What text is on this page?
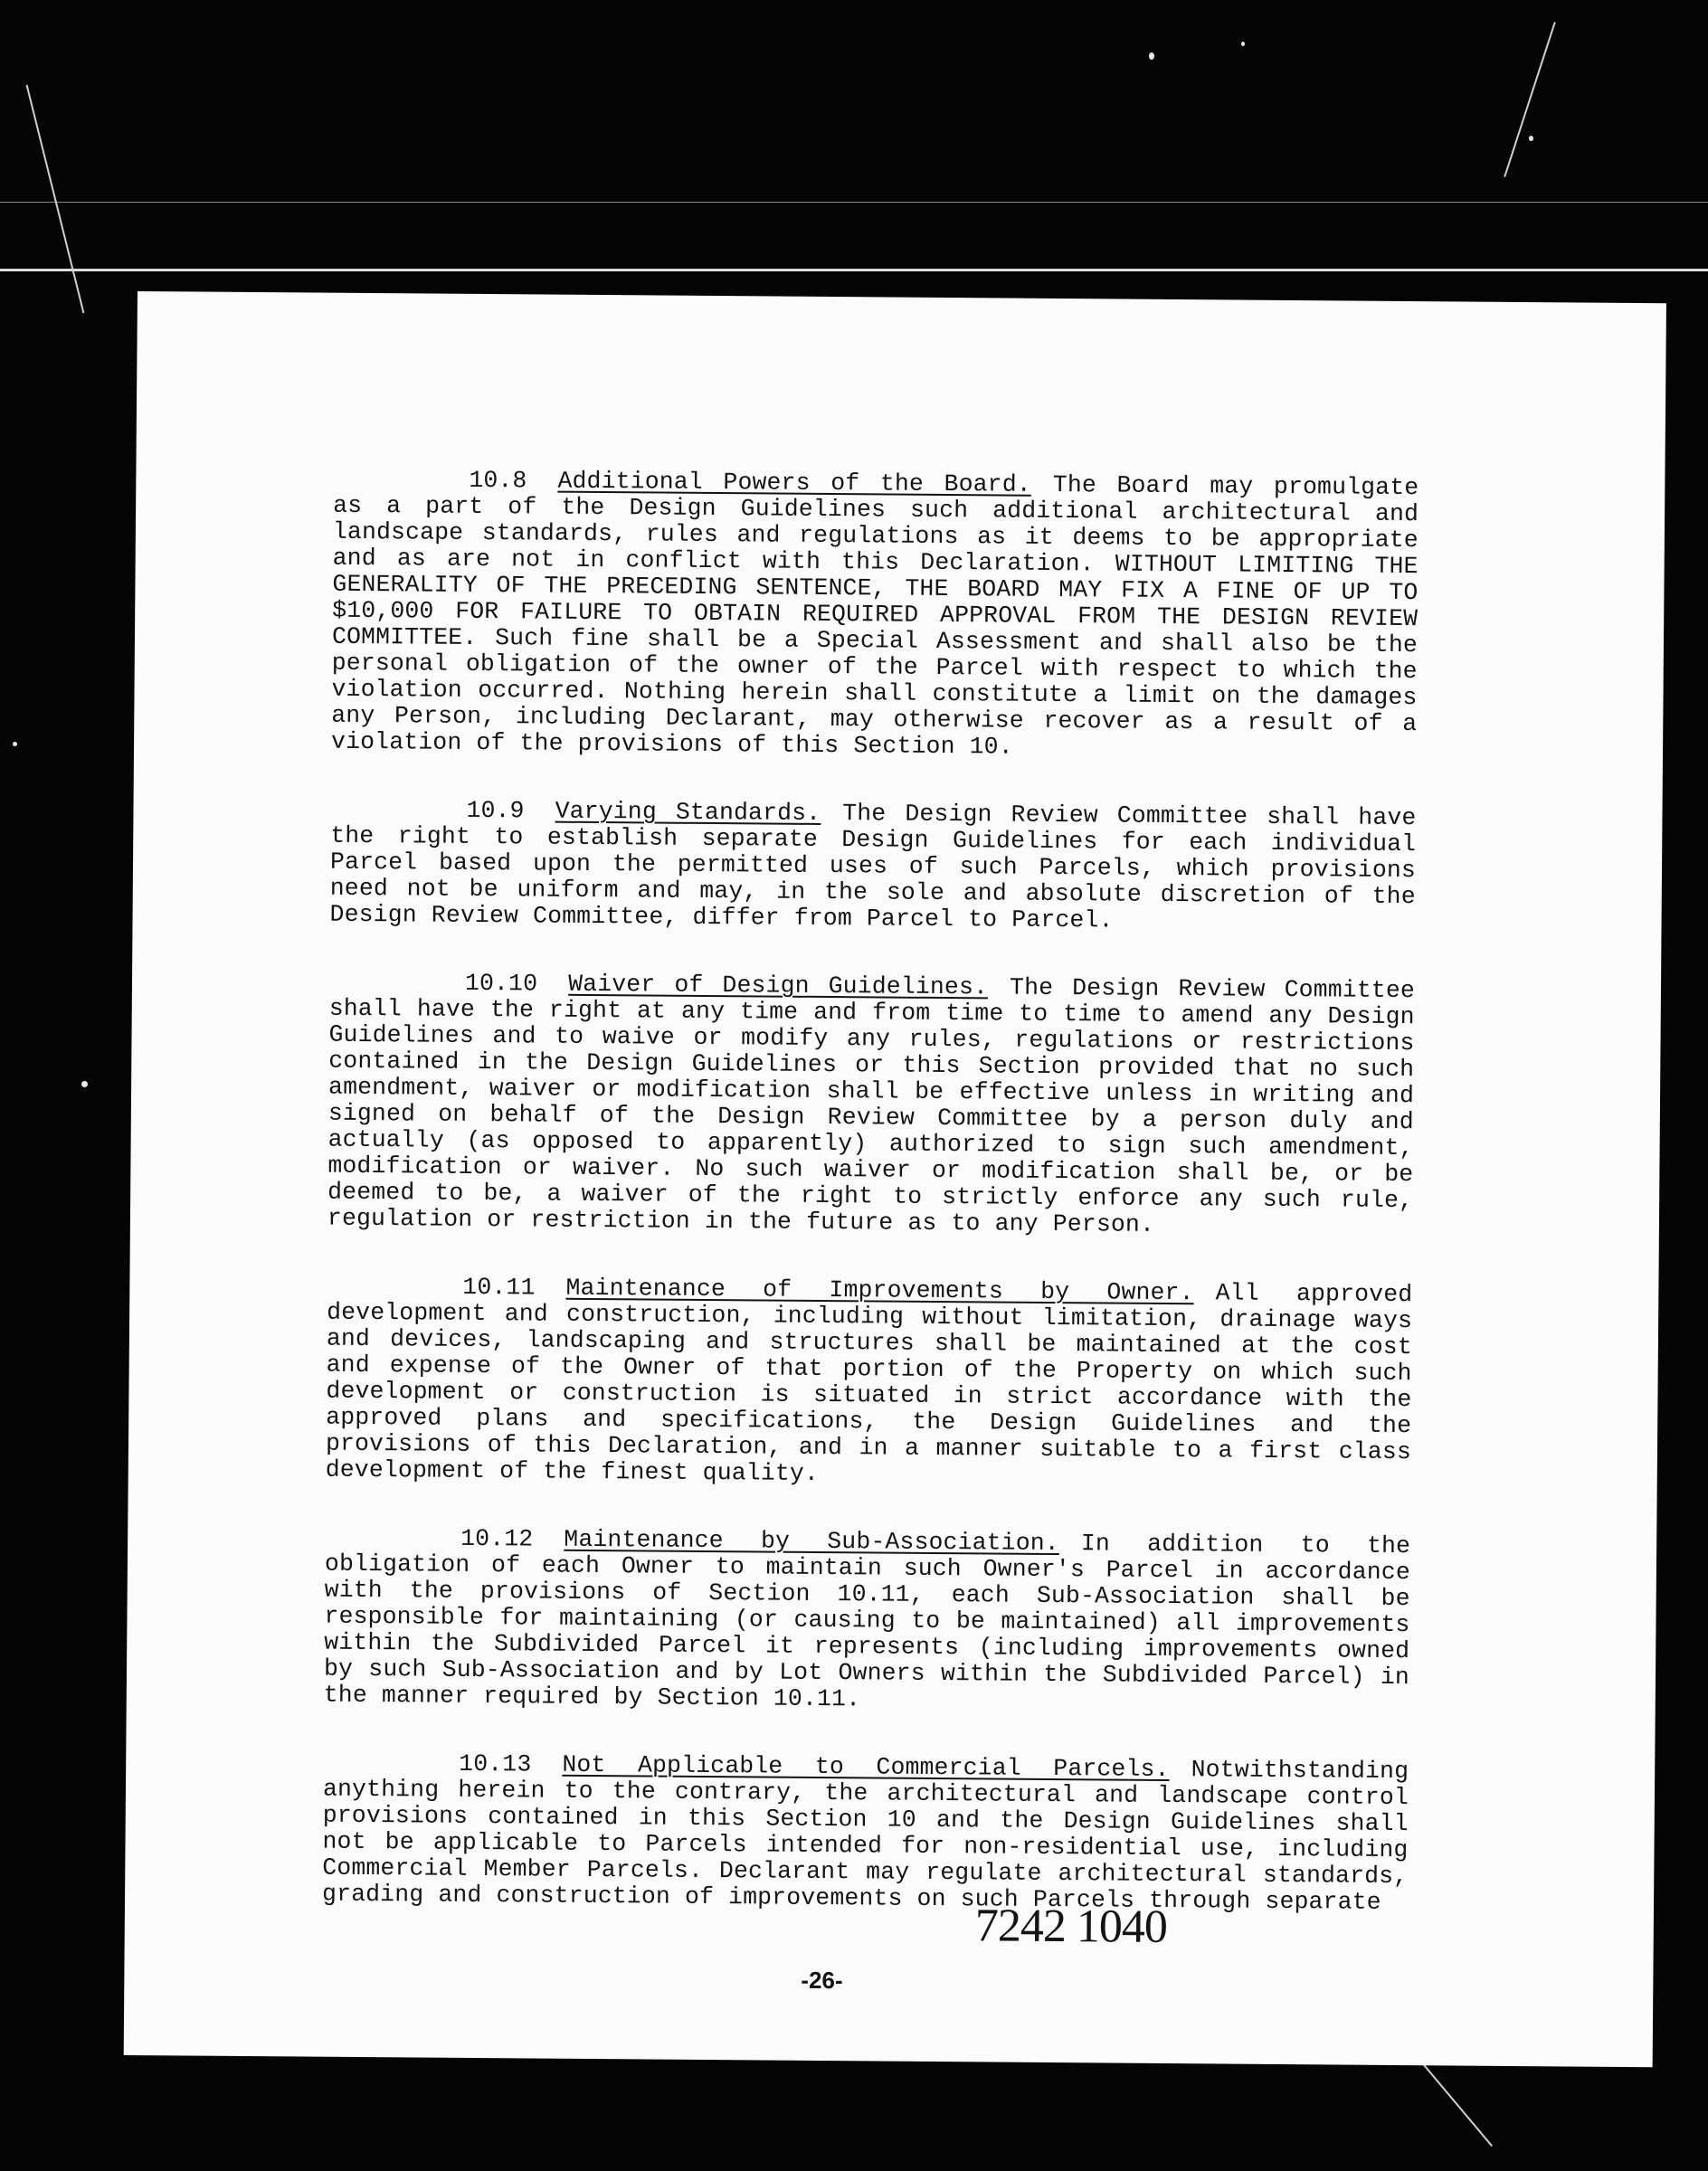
10.8 Additional Powers of the Board. The Board may promulgate as a part of the Design Guidelines such additional architectural and landscape standards, rules and regulations as it deems to be appropriate and as are not in conflict with this Declaration. WITHOUT LIMITING THE GENERALITY OF THE PRECEDING SENTENCE, THE BOARD MAY FIX A FINE OF UP TO $10,000 FOR FAILURE TO OBTAIN REQUIRED APPROVAL FROM THE DESIGN REVIEW COMMITTEE. Such fine shall be a Special Assessment and shall also be the personal obligation of the owner of the Parcel with respect to which the violation occurred. Nothing herein shall constitute a limit on the damages any Person, including Declarant, may otherwise recover as a result of a violation of the provisions of this Section 10.

10.9 Varying Standards. The Design Review Committee shall have the right to establish separate Design Guidelines for each individual Parcel based upon the permitted uses of such Parcels, which provisions need not be uniform and may, in the sole and absolute discretion of the Design Review Committee, differ from Parcel to Parcel.

10.10 Waiver of Design Guidelines. The Design Review Committee shall have the right at any time and from time to time to amend any Design Guidelines and to waive or modify any rules, regulations or restrictions contained in the Design Guidelines or this Section provided that no such amendment, waiver or modification shall be effective unless in writing and signed on behalf of the Design Review Committee by a person duly and actually (as opposed to apparently) authorized to sign such amendment, modification or waiver. No such waiver or modification shall be, or be deemed to be, a waiver of the right to strictly enforce any such rule, regulation or restriction in the future as to any Person.

10.11 Maintenance of Improvements by Owner. All approved development and construction, including without limitation, drainage ways and devices, landscaping and structures shall be maintained at the cost and expense of the Owner of that portion of the Property on which such development or construction is situated in strict accordance with the approved plans and specifications, the Design Guidelines and the provisions of this Declaration, and in a manner suitable to a first class development of the finest quality.

10.12 Maintenance by Sub-Association. In addition to the obligation of each Owner to maintain such Owner's Parcel in accordance with the provisions of Section 10.11, each Sub-Association shall be responsible for maintaining (or causing to be maintained) all improvements within the Subdivided Parcel it represents (including improvements owned by such Sub-Association and by Lot Owners within the Subdivided Parcel) in the manner required by Section 10.11.

10.13 Not Applicable to Commercial Parcels. Notwithstanding anything herein to the contrary, the architectural and landscape control provisions contained in this Section 10 and the Design Guidelines shall not be applicable to Parcels intended for non-residential use, including Commercial Member Parcels. Declarant may regulate architectural standards, grading and construction of improvements on such Parcels through separate

7242 1040
-26-
